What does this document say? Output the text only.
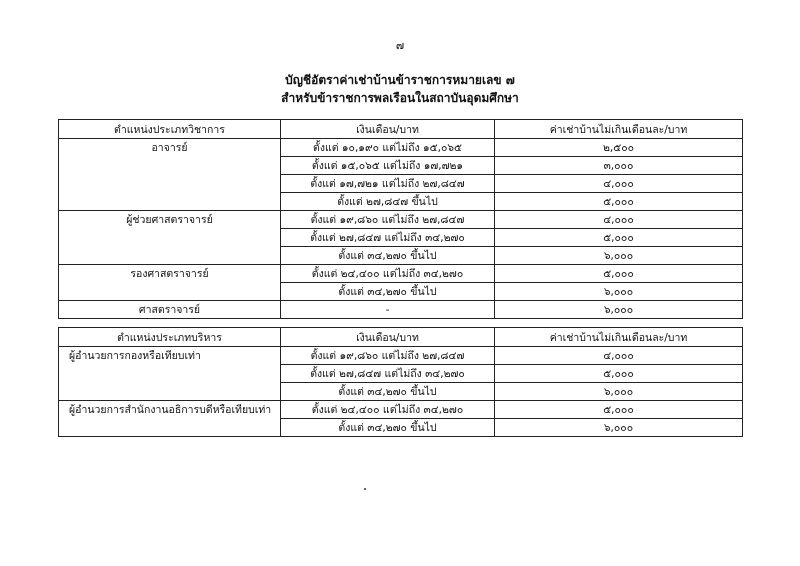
๗
บัญชีอัตราค่าเช่าบ้านข้าราชการหมายเลข ๗
สำหรับข้าราชการพลเรือนในสถาบันอุดมศึกษา
ตำแหน่งประเภทวิชาการ	เงินเดือน/บาท	ค่าเช่าบ้านไม่เกินเดือนละ/บาท
อาจารย์	ตั้งแต่ ๑๐,๑๙๐ แต่ไม่ถึง ๑๕,๐๖๕	๒,๕๐๐
	ตั้งแต่ ๑๕,๐๖๕ แต่ไม่ถึง ๑๗,๗๒๑	๓,๐๐๐
	ตั้งแต่ ๑๗,๗๒๑ แต่ไม่ถึง ๒๗,๘๔๗	๔,๐๐๐
	ตั้งแต่ ๒๗,๘๔๗ ขึ้นไป	๕,๐๐๐
ผู้ช่วยศาสตราจารย์	ตั้งแต่ ๑๙,๘๖๐ แต่ไม่ถึง ๒๗,๘๔๗	๔,๐๐๐
	ตั้งแต่ ๒๗,๘๔๗ แต่ไม่ถึง ๓๔,๒๗๐	๕,๐๐๐
	ตั้งแต่ ๓๔,๒๗๐ ขึ้นไป	๖,๐๐๐
รองศาสตราจารย์	ตั้งแต่ ๒๔,๔๐๐ แต่ไม่ถึง ๓๔,๒๗๐	๕,๐๐๐
	ตั้งแต่ ๓๔,๒๗๐ ขึ้นไป	๖,๐๐๐
ศาสตราจารย์	-	๖,๐๐๐
ตำแหน่งประเภทบริหาร	เงินเดือน/บาท	ค่าเช่าบ้านไม่เกินเดือนละ/บาท
ผู้อำนวยการกองหรือเทียบเท่า	ตั้งแต่ ๑๙,๘๖๐ แต่ไม่ถึง ๒๗,๘๔๗	๔,๐๐๐
	ตั้งแต่ ๒๗,๘๔๗ แต่ไม่ถึง ๓๔,๒๗๐	๕,๐๐๐
	ตั้งแต่ ๓๔,๒๗๐ ขึ้นไป	๖,๐๐๐
ผู้อำนวยการสำนักงานอธิการบดีหรือเทียบเท่า	ตั้งแต่ ๒๔,๔๐๐ แต่ไม่ถึง ๓๔,๒๗๐	๕,๐๐๐
	ตั้งแต่ ๓๔,๒๗๐ ขึ้นไป	๖,๐๐๐
